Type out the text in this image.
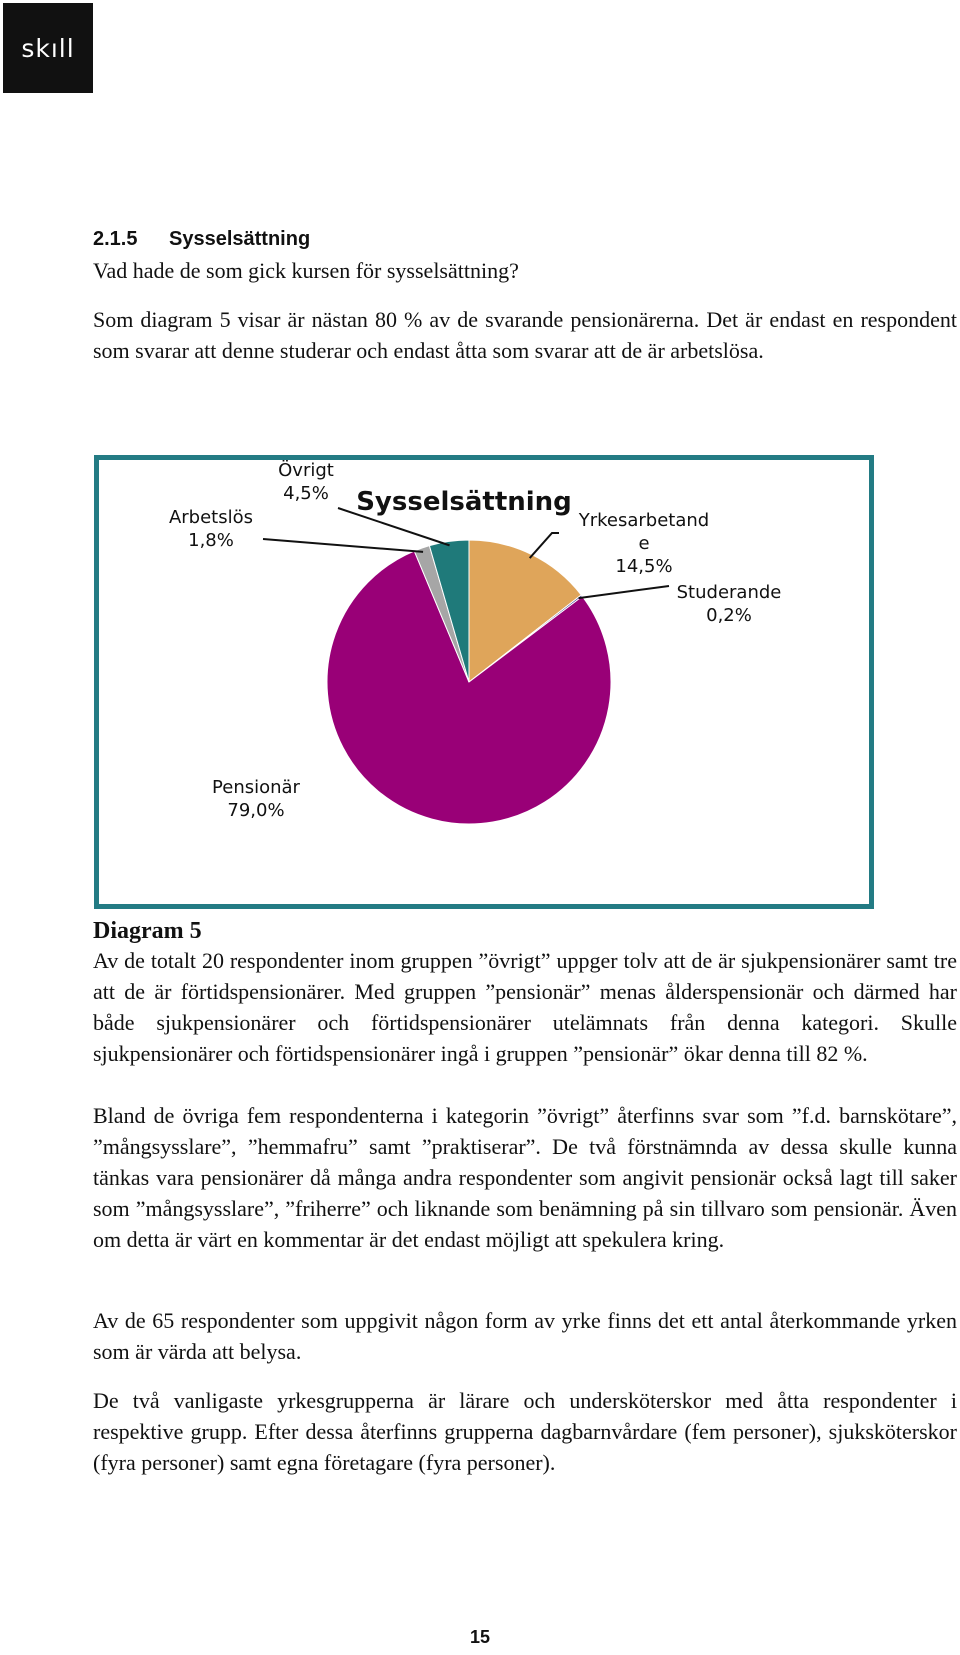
skıll
2.1.5 Sysselsättning
Vad hade de som gick kursen för sysselsättning?

Som diagram 5 visar är nästan 80 % av de svarande pensionärerna. Det är endast en respondent som svarar att denne studerar och endast åtta som svarar att de är arbetslösa.

Sysselsättning
Yrkesarbetand
e
14,5%
Studerande
0,2%
Pensionär
79,0%
Arbetslös
1,8%
Övrigt
4,5%
Diagram 5

Av de totalt 20 respondenter inom gruppen ”övrigt” uppger tolv att de är sjukpensionärer samt tre att de är förtidspensionärer. Med gruppen ”pensionär” menas ålderspensionär och därmed har både sjukpensionärer och förtidspensionärer utelämnats från denna kategori. Skulle sjukpensionärer och förtidspensionärer ingå i gruppen ”pensionär” ökar denna till 82 %.

Bland de övriga fem respondenterna i kategorin ”övrigt” återfinns svar som ”f.d. barnskötare”, ”mångsysslare”, ”hemmafru” samt ”praktiserar”. De två förstnämnda av dessa skulle kunna tänkas vara pensionärer då många andra respondenter som angivit pensionär också lagt till saker som ”mångsysslare”, ”friherre” och liknande som benämning på sin tillvaro som pensionär. Även om detta är värt en kommentar är det endast möjligt att spekulera kring.

Av de 65 respondenter som uppgivit någon form av yrke finns det ett antal återkommande yrken som är värda att belysa.

De två vanligaste yrkesgrupperna är lärare och undersköterskor med åtta respondenter i respektive grupp. Efter dessa återfinns grupperna dagbarnvårdare (fem personer), sjuksköterskor (fyra personer) samt egna företagare (fyra personer).

15
